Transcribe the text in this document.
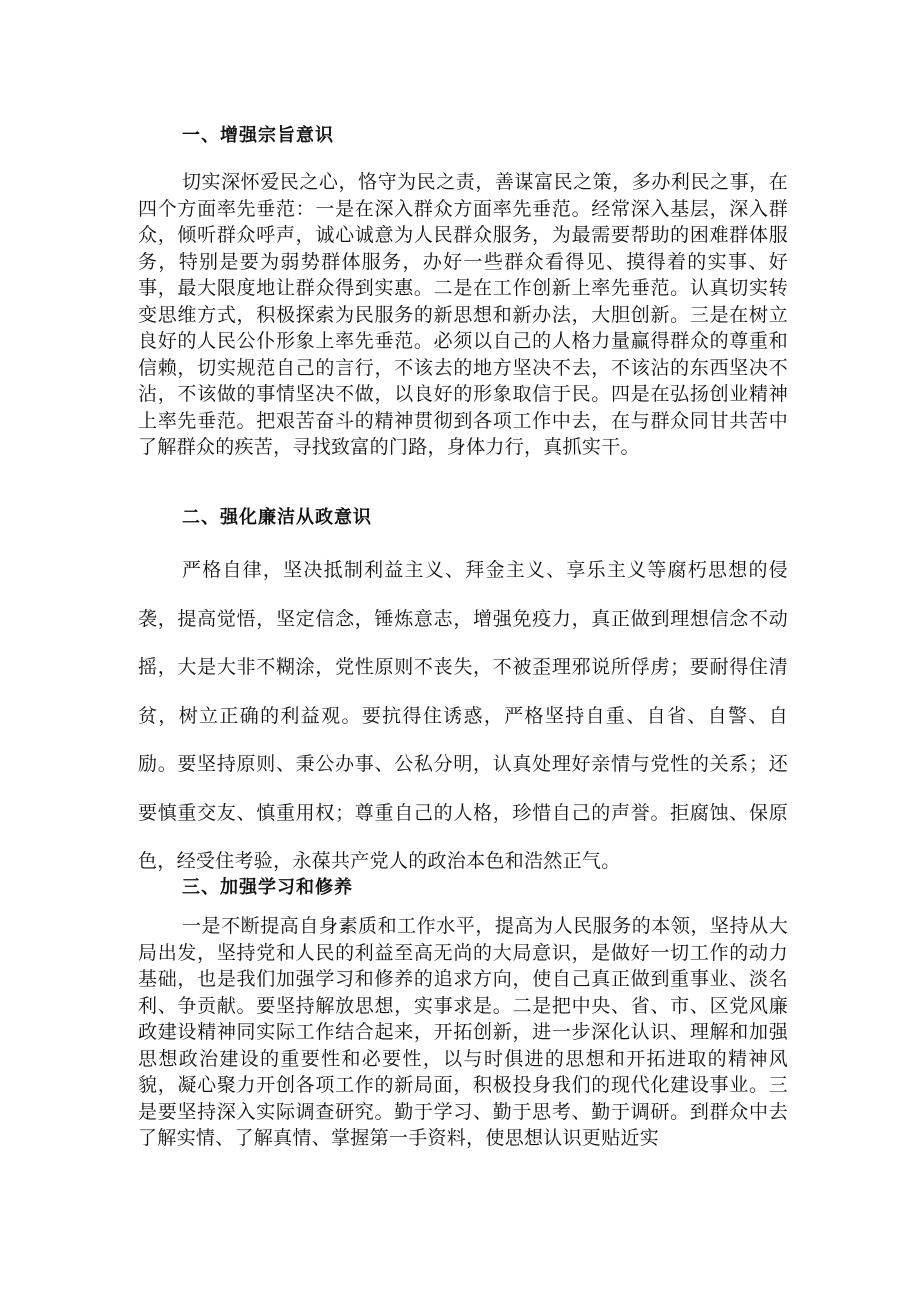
一、增强宗旨意识
切实深怀爱民之心，恪守为民之责，善谋富民之策，多办利民之事，在四个方面率先垂范：一是在深入群众方面率先垂范。经常深入基层，深入群众，倾听群众呼声，诚心诚意为人民群众服务，为最需要帮助的困难群体服务，特别是要为弱势群体服务，办好一些群众看得见、摸得着的实事、好事，最大限度地让群众得到实惠。二是在工作创新上率先垂范。认真切实转变思维方式，积极探索为民服务的新思想和新办法，大胆创新。三是在树立良好的人民公仆形象上率先垂范。必须以自己的人格力量赢得群众的尊重和信赖，切实规范自己的言行，不该去的地方坚决不去，不该沾的东西坚决不沾，不该做的事情坚决不做，以良好的形象取信于民。四是在弘扬创业精神上率先垂范。把艰苦奋斗的精神贯彻到各项工作中去，在与群众同甘共苦中了解群众的疾苦，寻找致富的门路，身体力行，真抓实干。
二、强化廉洁从政意识
严格自律，坚决抵制利益主义、拜金主义、享乐主义等腐朽思想的侵袭，提高觉悟，坚定信念，锤炼意志，增强免疫力，真正做到理想信念不动摇，大是大非不糊涂，党性原则不丧失，不被歪理邪说所俘虏；要耐得住清贫，树立正确的利益观。要抗得住诱惑，严格坚持自重、自省、自警、自励。要坚持原则、秉公办事、公私分明，认真处理好亲情与党性的关系；还要慎重交友、慎重用权；尊重自己的人格，珍惜自己的声誉。拒腐蚀、保原色，经受住考验，永葆共产党人的政治本色和浩然正气。
三、加强学习和修养
一是不断提高自身素质和工作水平，提高为人民服务的本领，坚持从大局出发，坚持党和人民的利益至高无尚的大局意识，是做好一切工作的动力基础，也是我们加强学习和修养的追求方向，使自己真正做到重事业、淡名利、争贡献。要坚持解放思想，实事求是。二是把中央、省、市、区党风廉政建设精神同实际工作结合起来，开拓创新，进一步深化认识、理解和加强思想政治建设的重要性和必要性，以与时俱进的思想和开拓进取的精神风貌，凝心聚力开创各项工作的新局面，积极投身我们的现代化建设事业。三是要坚持深入实际调查研究。勤于学习、勤于思考、勤于调研。到群众中去了解实情、了解真情、掌握第一手资料，使思想认识更贴近实
